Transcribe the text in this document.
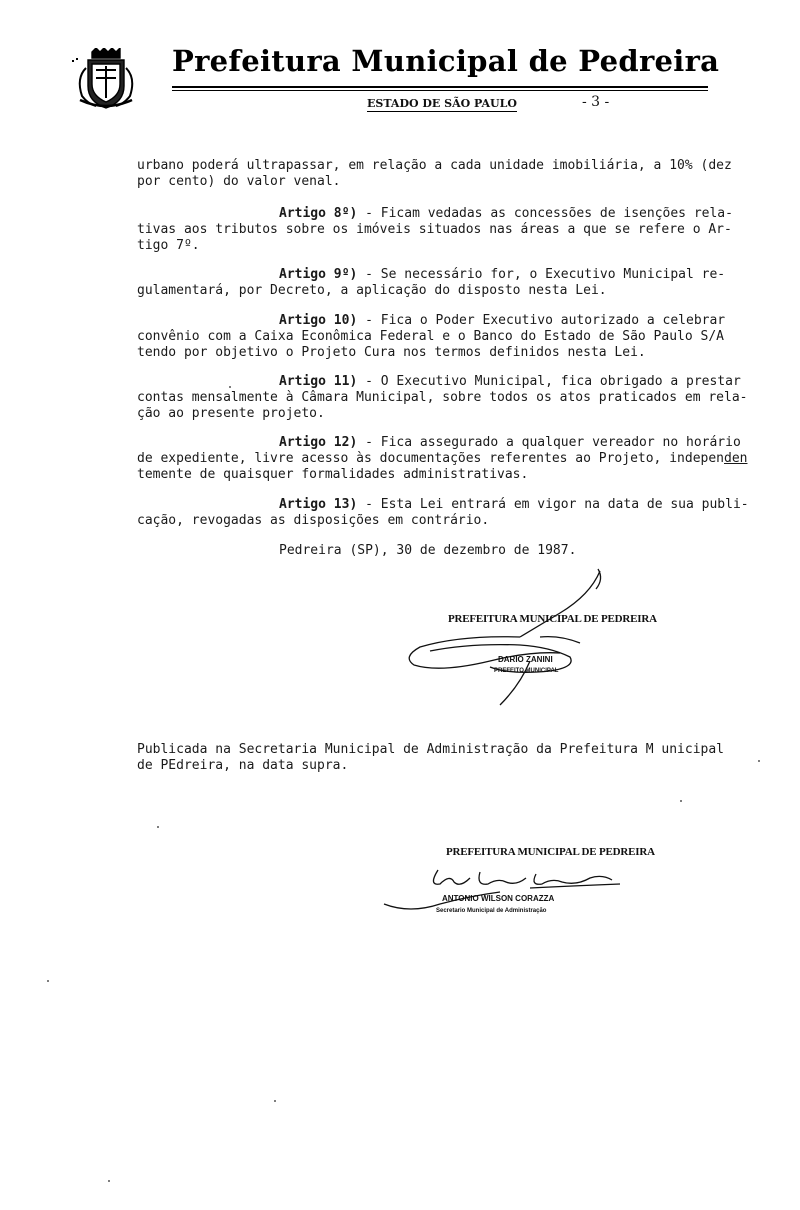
Prefeitura Municipal de Pedreira
ESTADO DE SÃO PAULO	- 3 -
urbano poderá ultrapassar, em relação a cada unidade imobiliária, a 10% (dez
por cento) do valor venal.
Artigo 8º) - Ficam vedadas as concessões de isenções rela-
tivas aos tributos sobre os imóveis situados nas áreas a que se refere o Ar-
tigo 7º.
Artigo 9º) - Se necessário for, o Executivo Municipal re-
gulamentará, por Decreto, a aplicação do disposto nesta Lei.
Artigo 10) - Fica o Poder Executivo autorizado a celebrar
convênio com a Caixa Econômica Federal e o Banco do Estado de São Paulo S/A
tendo por objetivo o Projeto Cura nos termos definidos nesta Lei.
Artigo 11) - O Executivo Municipal, fica obrigado a prestar
contas mensalmente à Câmara Municipal, sobre todos os atos praticados em rela-
ção ao presente projeto.
Artigo 12) - Fica assegurado a qualquer vereador no horário
de expediente, livre acesso às documentações referentes ao Projeto, independen
temente de quaisquer formalidades administrativas.
Artigo 13) - Esta Lei entrará em vigor na data de sua publi-
cação, revogadas as disposições em contrário.
Pedreira (SP), 30 de dezembro de 1987.
PREFEITURA MUNICIPAL DE PEDREIRA
DARIO ZANINI
PREFEITO MUNICIPAL
Publicada na Secretaria Municipal de Administração da Prefeitura M unicipal
de PEdreira, na data supra.
PREFEITURA MUNICIPAL DE PEDREIRA
ANTONIO WILSON CORAZZA
Secretario Municipal de Administração
